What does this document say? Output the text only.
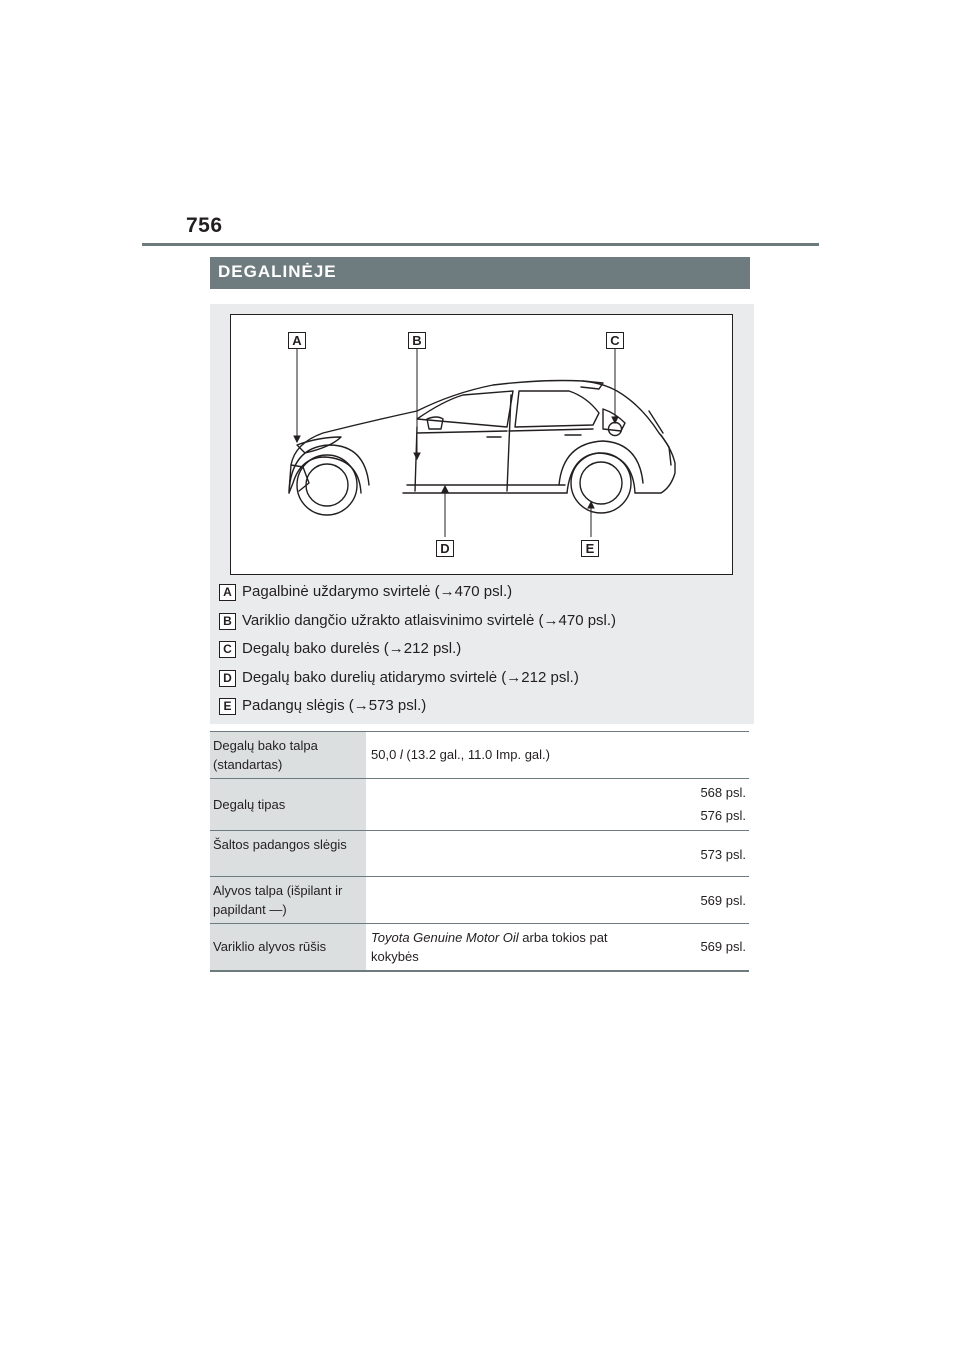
756
DEGALINĖJE
A	B	C
D	E
A Pagalbinė uždarymo svirtelė (→470 psl.)
B Variklio dangčio užrakto atlaisvinimo svirtelė (→470 psl.)
C Degalų bako durelės (→212 psl.)
D Degalų bako durelių atidarymo svirtelė (→212 psl.)
E Padangų slėgis (→573 psl.)
Degalų bako talpa (standartas)	50,0 l (13.2 gal., 11.0 Imp. gal.)	
Degalų tipas		568 psl.
576 psl.

Šaltos padangos slėgis		573 psl.

Alyvos talpa (išpilant ir papildant —)		569 psl.

Variklio alyvos rūšis	Toyota Genuine Motor Oil arba tokios pat kokybės	569 psl.
